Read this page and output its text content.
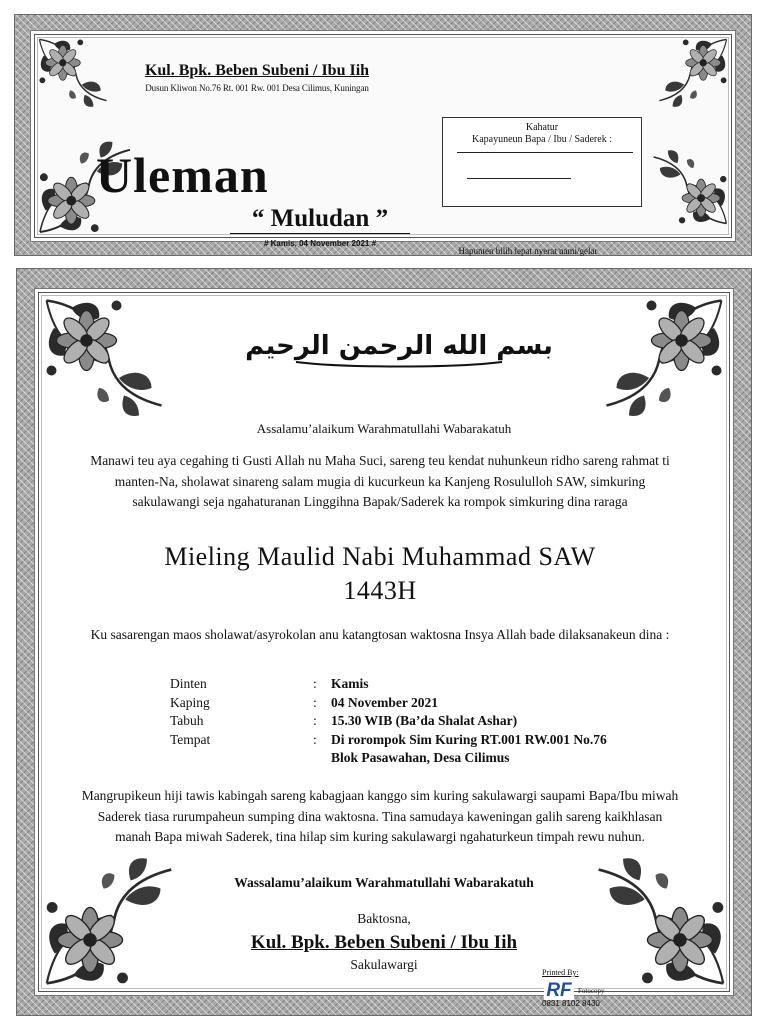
Kul. Bpk. Beben Subeni / Ibu Iih
Dusun Kliwon No.76 Rt. 001 Rw. 001 Desa Cilimus, Kuningan
Uleman
“ Muludan ”
# Kamis, 04 November 2021 #
Kahatur
Kapayuneun Bapa / Ibu / Saderek :
Hapunten bilih lepat nyerat nami/gelar
بسم الله الرحمن الرحيم
Assalamu’alaikum Warahmatullahi Wabarakatuh
Manawi teu aya cegahing ti Gusti Allah nu Maha Suci, sareng teu kendat nuhunkeun ridho sareng rahmat ti manten-Na, sholawat sinareng salam mugia di kucurkeun ka Kanjeng Rosululloh SAW, simkuring sakulawangi seja ngahaturanan Linggihna Bapak/Saderek ka rompok simkuring dina raraga
Mieling Maulid Nabi Muhammad SAW
1443H
Ku sasarengan maos sholawat/asyrokolan anu katangtosan waktosna Insya Allah bade dilaksanakeun dina :
Dinten	: Kamis
Kaping	: 04 November 2021
Tabuh	: 15.30 WIB (Ba’da Shalat Ashar)
Tempat	: Di rorompok Sim Kuring RT.001 RW.001 No.76
Blok Pasawahan, Desa Cilimus
Mangrupikeun hiji tawis kabingah sareng kabagjaan kanggo sim kuring sakulawargi saupami Bapa/Ibu miwah Saderek tiasa rurumpaheun sumping dina waktosna. Tina samudaya kaweningan galih sareng kaikhlasan manah Bapa miwah Saderek, tina hilap sim kuring sakulawargi ngahaturkeun timpah rewu nuhun.
Wassalamu’alaikum Warahmatullahi Wabarakatuh
Baktosna,
Kul. Bpk. Beben Subeni / Ibu Iih
Sakulawargi
Printed By:
RF Fotocopy
0831 8102 8430
